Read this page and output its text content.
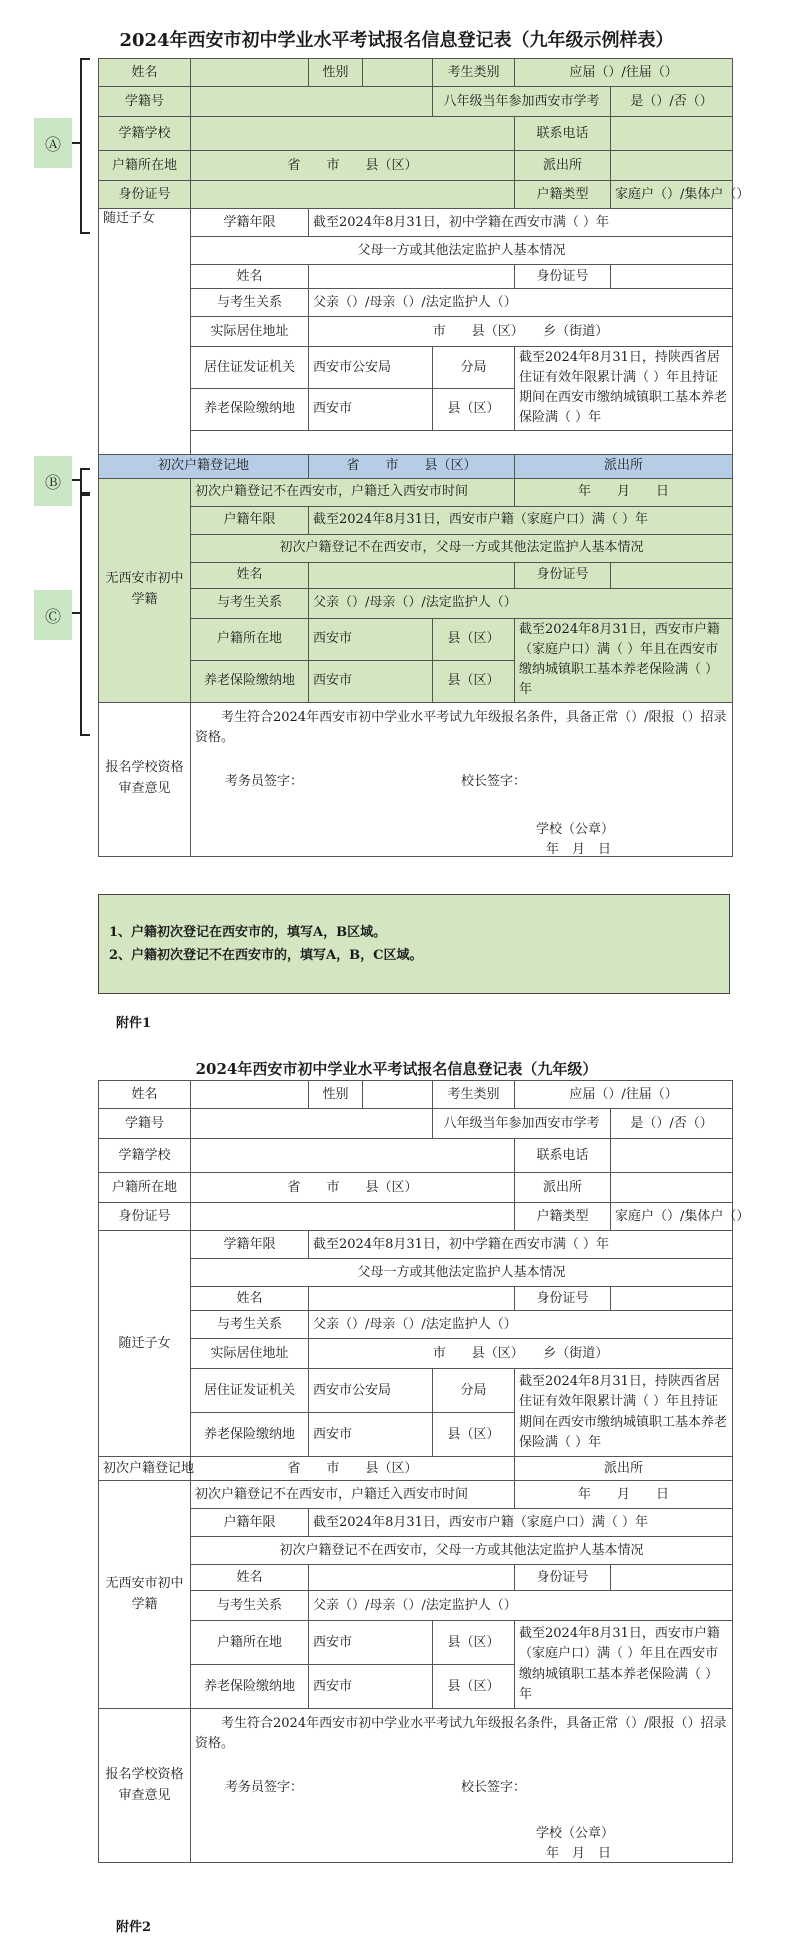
2024年西安市初中学业水平考试报名信息登记表（九年级示例样表）
Ⓐ
Ⓑ
Ⓒ
姓名		性别		考生类别	应届（）/往届（）	
学籍号				八年级当年参加西安市学考		是（）/否（）
学籍学校					联系电话	
户籍所在地	省　　市　　县（区）				派出所	
身份证号					户籍类型	家庭户（）/集体户（）
随迁子女	学籍年限	截至2024年8月31日，初中学籍在西安市满（ ）年				
	父母一方或其他法定监护人基本情况					
	姓名				身份证号	
	与考生关系	父亲（）/母亲（）/法定监护人（）				
	实际居住地址	市　　县（区）　　乡（街道）				
	居住证发证机关	西安市公安局		分局	截至2024年8月31日，持陕西省居住证有效年限累计满（ ）年且持证期间在西安市缴纳城镇职工基本养老保险满（ ）年	
	养老保险缴纳地	西安市		县（区）		

初次户籍登记地		省　　市　　县（区）			派出所	
无西安市初中学籍	初次户籍登记不在西安市，户籍迁入西安市时间				年　　月　　日	
	户籍年限	截至2024年8月31日，西安市户籍（家庭户口）满（ ）年				
	初次户籍登记不在西安市，父母一方或其他法定监护人基本情况					
	姓名				身份证号	
	与考生关系	父亲（）/母亲（）/法定监护人（）				
	户籍所在地	西安市		县（区）	截至2024年8月31日，西安市户籍（家庭户口）满（ ）年且在西安市缴纳城镇职工基本养老保险满（ ）年	
	养老保险缴纳地	西安市		县（区）		
报名学校资格审查意见	考生符合2024年西安市初中学业水平考试九年级报名条件，具备正常（）/限报（）招录资格。
考务员签字： 校长签字：
学校（公章）
年　月　日					
1、户籍初次登记在西安市的，填写A，B区域。
2、户籍初次登记不在西安市的，填写A，B，C区域。
附件1
2024年西安市初中学业水平考试报名信息登记表（九年级）
姓名		性别		考生类别	应届（）/往届（）	
学籍号				八年级当年参加西安市学考		是（）/否（）
学籍学校					联系电话	
户籍所在地	省　　市　　县（区）				派出所	
身份证号					户籍类型	家庭户（）/集体户（）
随迁子女	学籍年限	截至2024年8月31日，初中学籍在西安市满（ ）年				
	父母一方或其他法定监护人基本情况					
	姓名				身份证号	
	与考生关系	父亲（）/母亲（）/法定监护人（）				
	实际居住地址	市　　县（区）　　乡（街道）				
	居住证发证机关	西安市公安局		分局	截至2024年8月31日，持陕西省居住证有效年限累计满（ ）年且持证期间在西安市缴纳城镇职工基本养老保险满（ ）年	
	养老保险缴纳地	西安市		县（区）		
初次户籍登记地	省　　市　　县（区）				派出所	
无西安市初中学籍	初次户籍登记不在西安市，户籍迁入西安市时间				年　　月　　日	
	户籍年限	截至2024年8月31日，西安市户籍（家庭户口）满（ ）年				
	初次户籍登记不在西安市，父母一方或其他法定监护人基本情况					
	姓名				身份证号	
	与考生关系	父亲（）/母亲（）/法定监护人（）				
	户籍所在地	西安市		县（区）	截至2024年8月31日，西安市户籍（家庭户口）满（ ）年且在西安市缴纳城镇职工基本养老保险满（ ）年	
	养老保险缴纳地	西安市		县（区）		
报名学校资格审查意见	考生符合2024年西安市初中学业水平考试九年级报名条件，具备正常（）/限报（）招录资格。
考务员签字： 校长签字：
学校（公章）
年　月　日					
附件2
